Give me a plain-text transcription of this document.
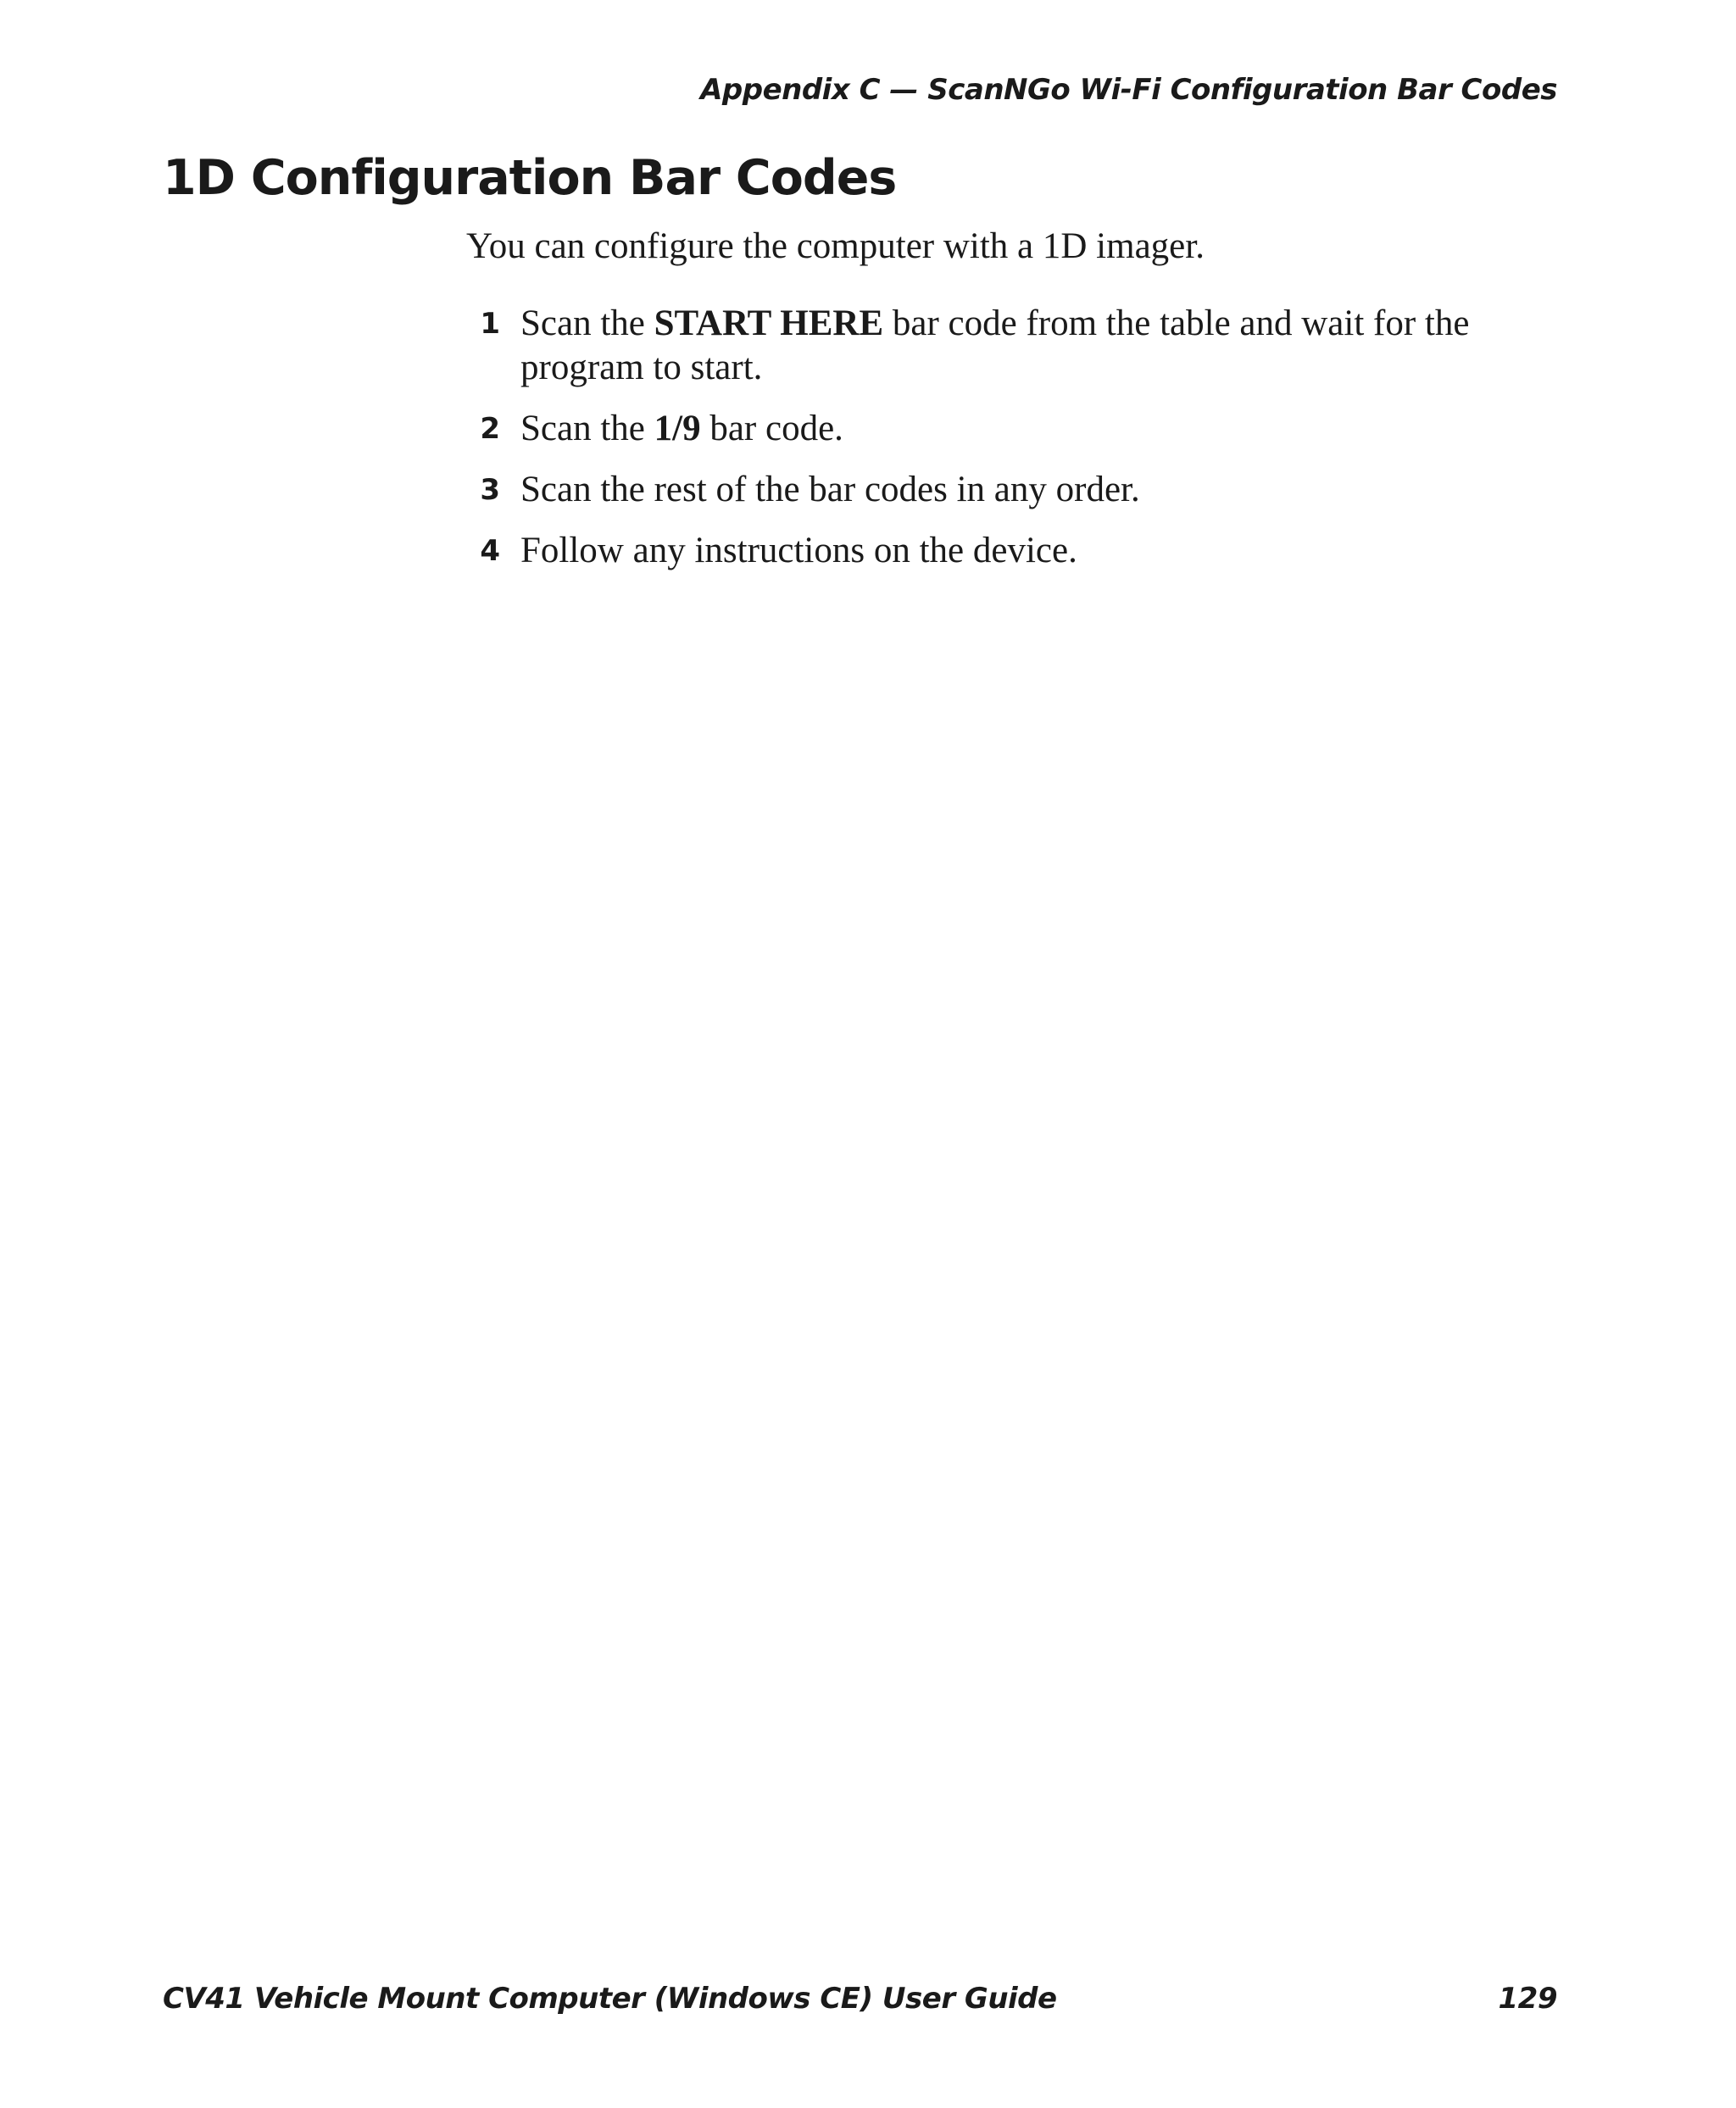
Appendix C — ScanNGo Wi-Fi Configuration Bar Codes
1D Configuration Bar Codes

You can configure the computer with a 1D imager.

1 Scan the START HERE bar code from the table and wait for the program to start.
2 Scan the 1/9 bar code.
3 Scan the rest of the bar codes in any order.
4 Follow any instructions on the device.
CV41 Vehicle Mount Computer (Windows CE) User Guide	129
